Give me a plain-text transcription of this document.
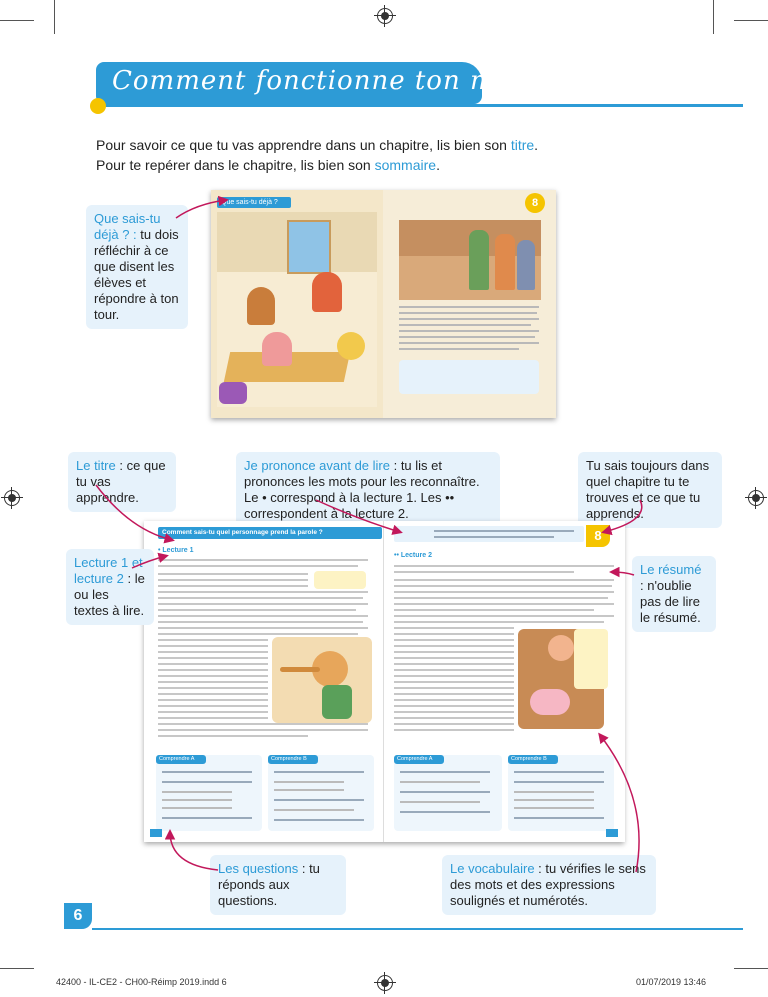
Comment fonctionne ton manuel ?
Pour savoir ce que tu vas apprendre dans un chapitre, lis bien son titre.
Pour te repérer dans le chapitre, lis bien son sommaire.
Que sais-tu déjà ?	8
Que sais-tu déjà ? : tu dois réfléchir à ce que disent les élèves et répondre à ton tour.
Le titre : ce que tu vas apprendre.
Je prononce avant de lire : tu lis et prononces les mots pour les reconnaître. Le • correspond à la lecture 1. Les •• correspondent à la lecture 2.
Tu sais toujours dans quel chapitre tu te trouves et ce que tu apprends.
Comment sais-tu quel personnage prend la parole ?
• Lecture 1
Comprendre A	Comprendre B
8
•• Lecture 2
Comprendre A	Comprendre B
Lecture 1 et lecture 2 : le ou les textes à lire.
Le résumé : n'oublie pas de lire le résumé.
Les questions : tu réponds aux questions.
Le vocabulaire : tu vérifies le sens des mots et des expressions soulignés et numérotés.
6
42400 - IL-CE2 - CH00-Réimp 2019.indd 6	01/07/2019 13:46
